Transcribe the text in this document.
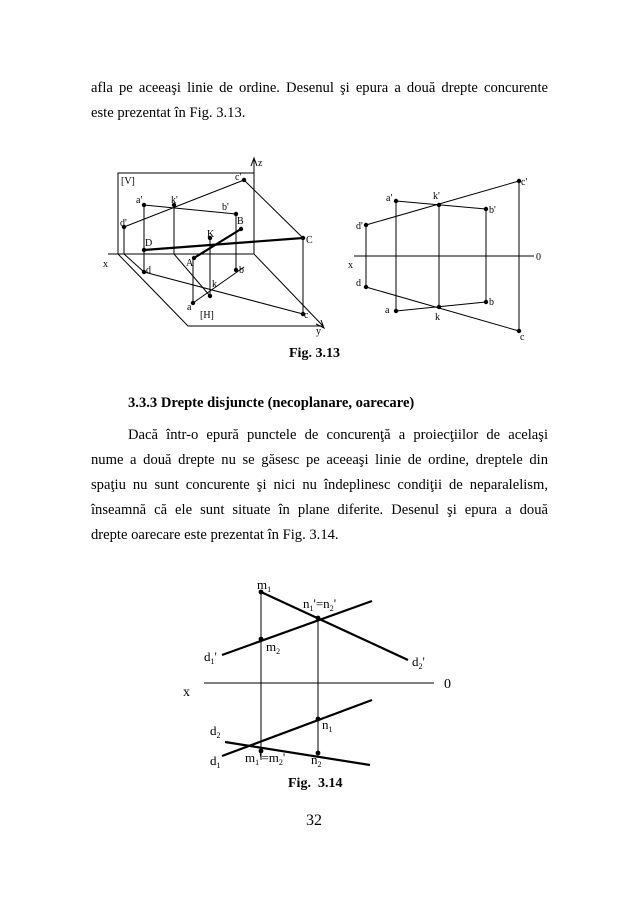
afla pe aceeaşi linie de ordine. Desenul şi epura a două drepte concurente
este prezentat în Fig. 3.13.

[V]
z
x
y
[H]
a'	k'
b'
c'
d'
D
K
B
C
A
d
k
b
a
c
x
0
a'	k'
b'
c'
d'
d
a
k
b
c
Fig. 3.13
3.3.3 Drepte disjuncte (necoplanare, oarecare)

Dacă într-o epură punctele de concurenţă a proiecţiilor de acelaşi
nume a două drepte nu se găsesc pe aceeaşi linie de ordine, dreptele din
spaţiu nu sunt concurente şi nici nu îndeplinesc condiţii de neparalelism,
înseamnă că ele sunt situate în plane diferite. Desenul şi epura a două
drepte oarecare este prezentat în Fig. 3.14.

x
0
$m_1$
$n_1'=n_2'$
$m_2$
$d_1'$	$d_2'$
$d_2$
$d_1$
$n_1$
$n_2$
$m_1'=m_2'$
Fig.  3.14
32
